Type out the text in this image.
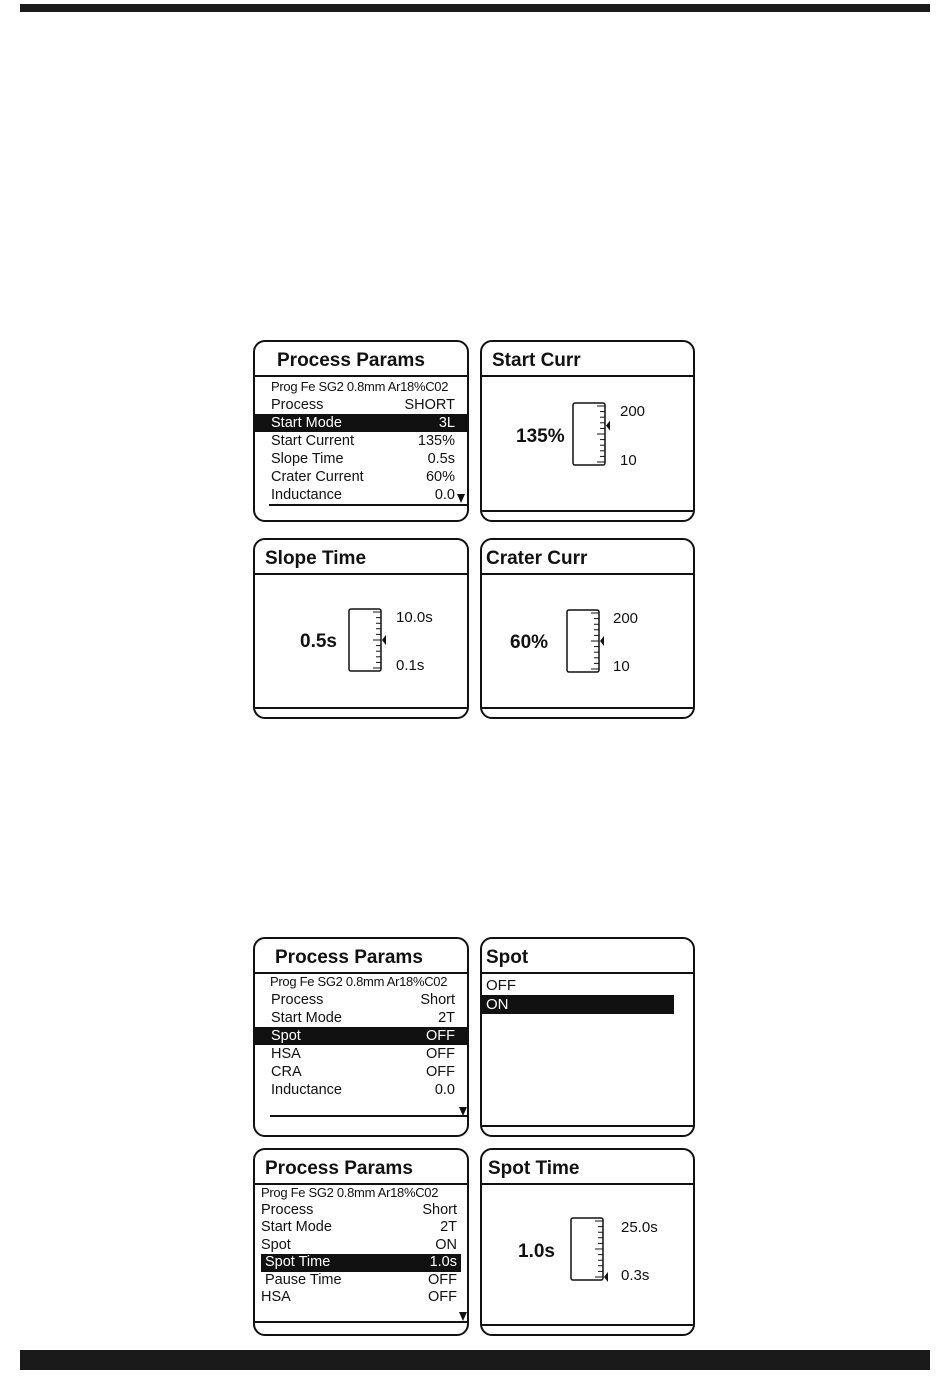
Process Params
Prog Fe SG2 0.8mm Ar18%C02
Process	SHORT
Start Mode	3L
Start Current	135%
Slope Time	0.5s
Crater Current	60%
Inductance	0.0
Start Curr
135%
200
10
Slope Time
0.5s
10.0s
0.1s
Crater Curr
60%
200
10
Process Params
Prog Fe SG2 0.8mm Ar18%C02
Process	Short
Start Mode	2T
Spot	OFF
HSA	OFF
CRA	OFF
Inductance	0.0
Spot
OFF
ON
Process Params
Prog Fe SG2 0.8mm Ar18%C02
Process	Short
Start Mode	2T
Spot	ON
Spot Time	1.0s
Pause Time	OFF
HSA	OFF
Spot Time
1.0s
25.0s
0.3s
